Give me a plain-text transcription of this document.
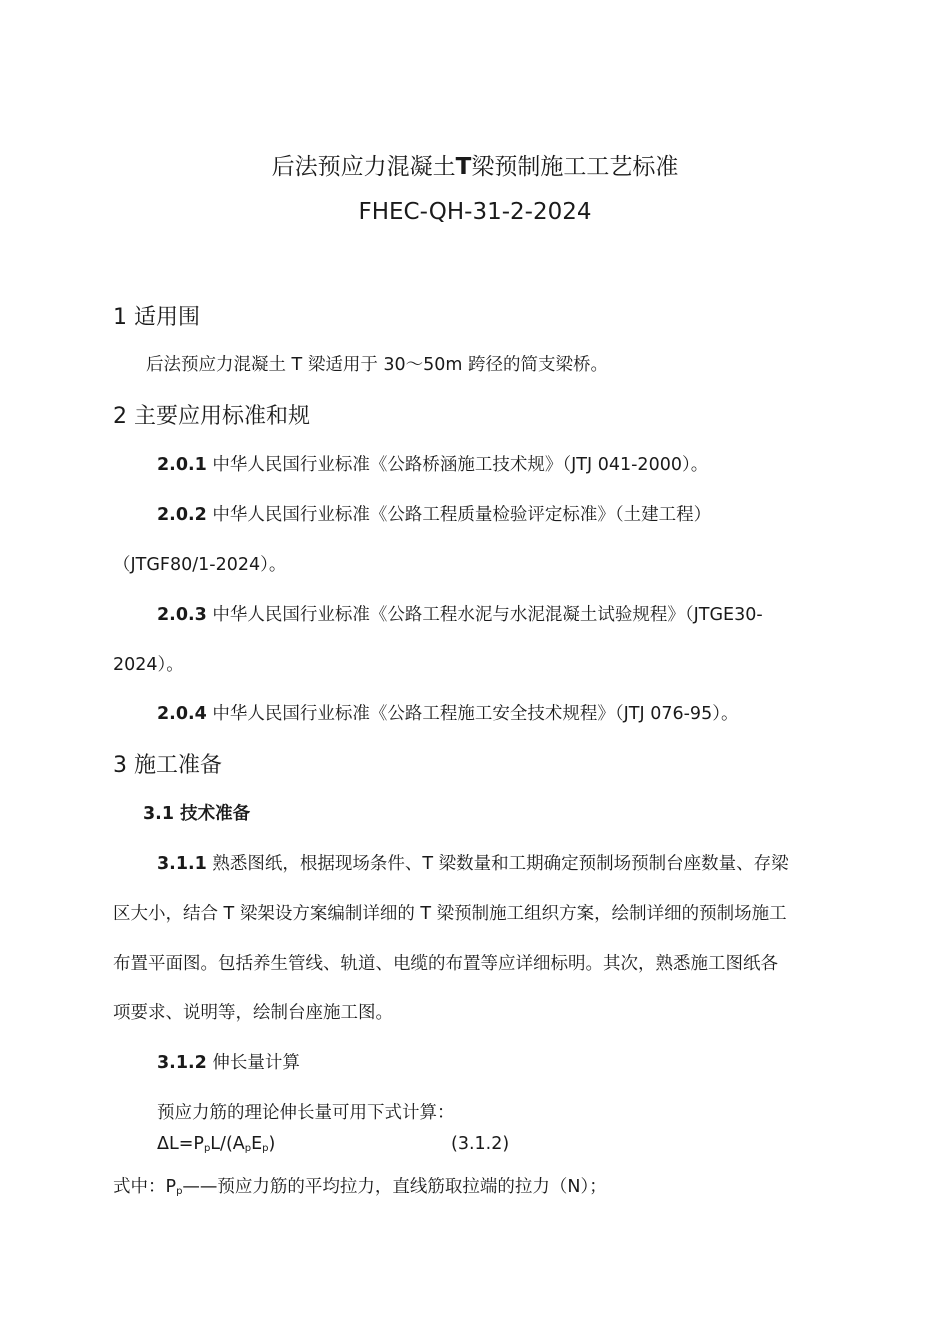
后法预应力混凝土T梁预制施工工艺标准
FHEC-QH-31-2-2024
1 适用围
后法预应力混凝土 T 梁适用于 30～50m 跨径的简支梁桥。
2 主要应用标准和规
2.0.1 中华人民国行业标准《公路桥涵施工技术规》（JTJ 041-2000）。
2.0.2 中华人民国行业标准《公路工程质量检验评定标准》（土建工程）
（JTGF80/1-2024）。
2.0.3 中华人民国行业标准《公路工程水泥与水泥混凝土试验规程》（JTGE30-
2024）。
2.0.4 中华人民国行业标准《公路工程施工安全技术规程》（JTJ 076-95）。
3 施工准备
3.1 技术准备
3.1.1 熟悉图纸，根据现场条件、T 梁数量和工期确定预制场预制台座数量、存梁
区大小，结合 T 梁架设方案编制详细的 T 梁预制施工组织方案，绘制详细的预制场施工
布置平面图。包括养生管线、轨道、电缆的布置等应详细标明。其次，熟悉施工图纸各
项要求、说明等，绘制台座施工图。
3.1.2 伸长量计算
预应力筋的理论伸长量可用下式计算：
$\Delta L=P_pL/(A_pE_p)$	(3.1.2)
式中：$P_p——$预应力筋的平均拉力，直线筋取拉端的拉力（N）；
